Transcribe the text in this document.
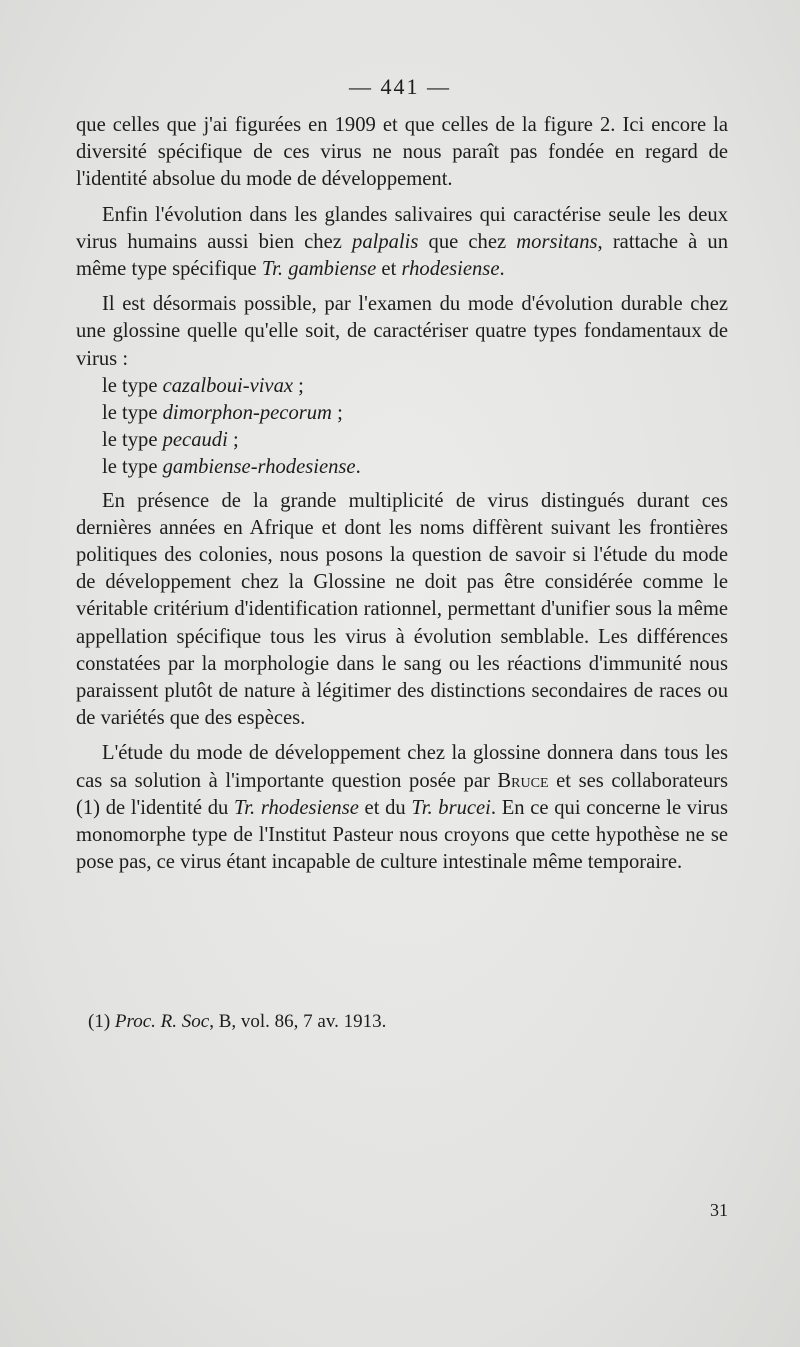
— 441 —

que celles que j'ai figurées en 1909 et que celles de la figure 2. Ici encore la diversité spécifique de ces virus ne nous paraît pas fondée en regard de l'identité absolue du mode de développement.

Enfin l'évolution dans les glandes salivaires qui caractérise seule les deux virus humains aussi bien chez palpalis que chez morsitans, rattache à un même type spécifique Tr. gambiense et rhodesiense.

Il est désormais possible, par l'examen du mode d'évolution durable chez une glossine quelle qu'elle soit, de caractériser quatre types fondamentaux de virus :

le type cazalboui-vivax ;

le type dimorphon-pecorum ;

le type pecaudi ;

le type gambiense-rhodesiense.

En présence de la grande multiplicité de virus distingués durant ces dernières années en Afrique et dont les noms diffèrent suivant les frontières politiques des colonies, nous posons la question de savoir si l'étude du mode de développement chez la Glossine ne doit pas être considérée comme le véritable critérium d'identification rationnel, permettant d'unifier sous la même appellation spécifique tous les virus à évolution semblable. Les différences constatées par la morphologie dans le sang ou les réactions d'immunité nous paraissent plutôt de nature à légitimer des distinctions secondaires de races ou de variétés que des espèces.

L'étude du mode de développement chez la glossine donnera dans tous les cas sa solution à l'importante question posée par Bruce et ses collaborateurs (1) de l'identité du Tr. rhodesiense et du Tr. brucei. En ce qui concerne le virus monomorphe type de l'Institut Pasteur nous croyons que cette hypothèse ne se pose pas, ce virus étant incapable de culture intestinale même temporaire.

(1) Proc. R. Soc, B, vol. 86, 7 av. 1913.
31
